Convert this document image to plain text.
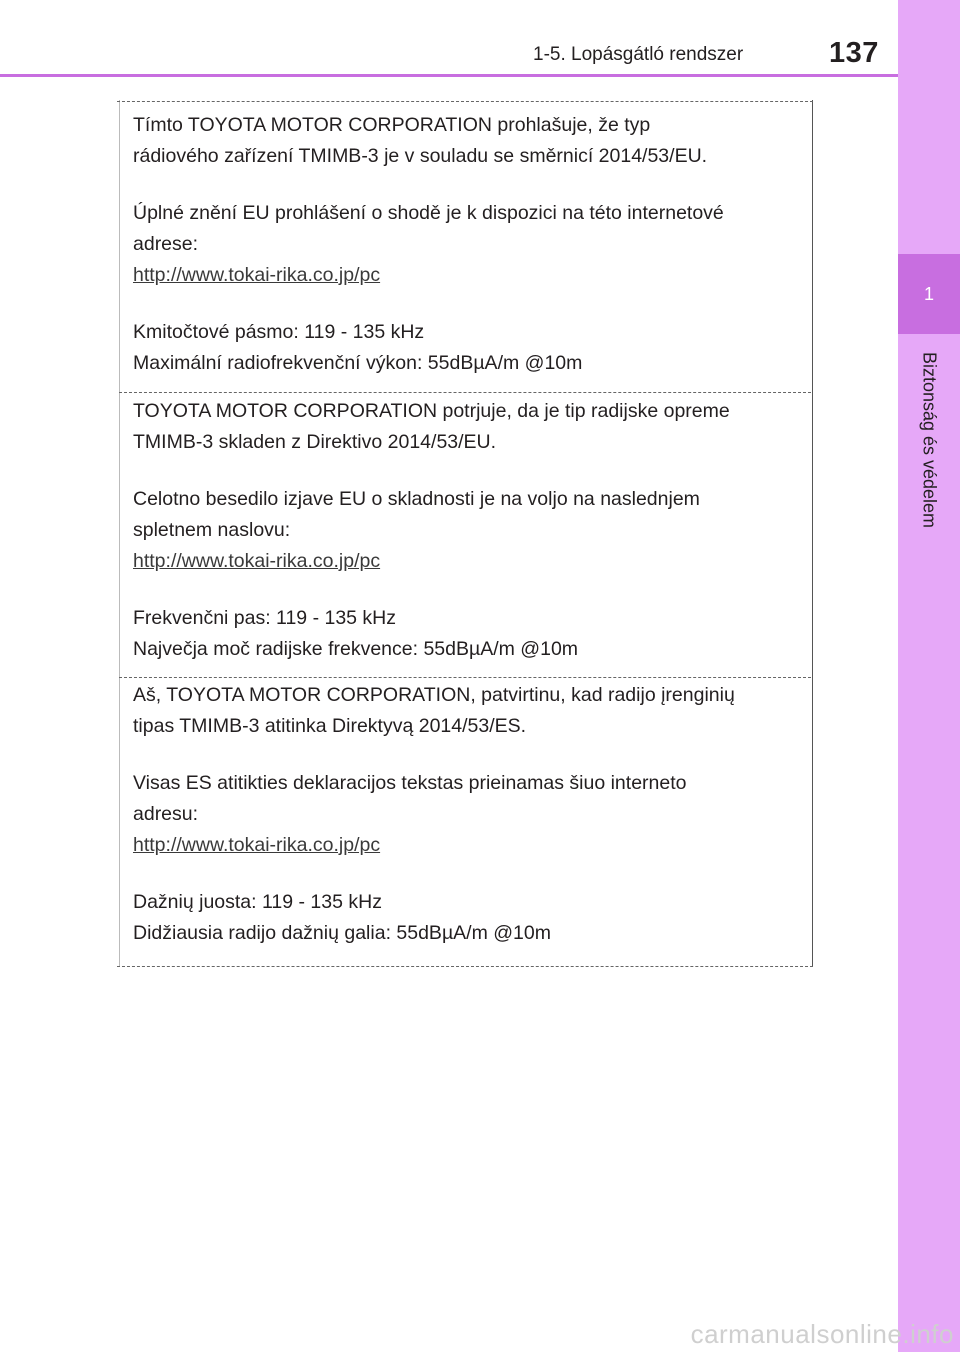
1-5. Lopásgátló rendszer	137
1
Biztonság és védelem

Tímto TOYOTA MOTOR CORPORATION prohlašuje, že typ

rádiového zařízení TMIMB-3 je v souladu se směrnicí 2014/53/EU.

Úplné znění EU prohlášení o shodě je k dispozici na této internetové

adrese:

http://www.tokai-rika.co.jp/pc

Kmitočtové pásmo: 119 - 135 kHz

Maximální radiofrekvenční výkon: 55dBµA/m @10m

TOYOTA MOTOR CORPORATION potrjuje, da je tip radijske opreme

TMIMB-3 skladen z Direktivo 2014/53/EU.

Celotno besedilo izjave EU o skladnosti je na voljo na naslednjem

spletnem naslovu:

http://www.tokai-rika.co.jp/pc

Frekvenčni pas: 119 - 135 kHz

Največja moč radijske frekvence: 55dBµA/m @10m

Aš, TOYOTA MOTOR CORPORATION, patvirtinu, kad radijo įrenginių

tipas TMIMB-3 atitinka Direktyvą 2014/53/ES.

Visas ES atitikties deklaracijos tekstas prieinamas šiuo interneto

adresu:

http://www.tokai-rika.co.jp/pc

Dažnių juosta: 119 - 135 kHz

Didžiausia radijo dažnių galia: 55dBµA/m @10m

carmanualsonline.info
